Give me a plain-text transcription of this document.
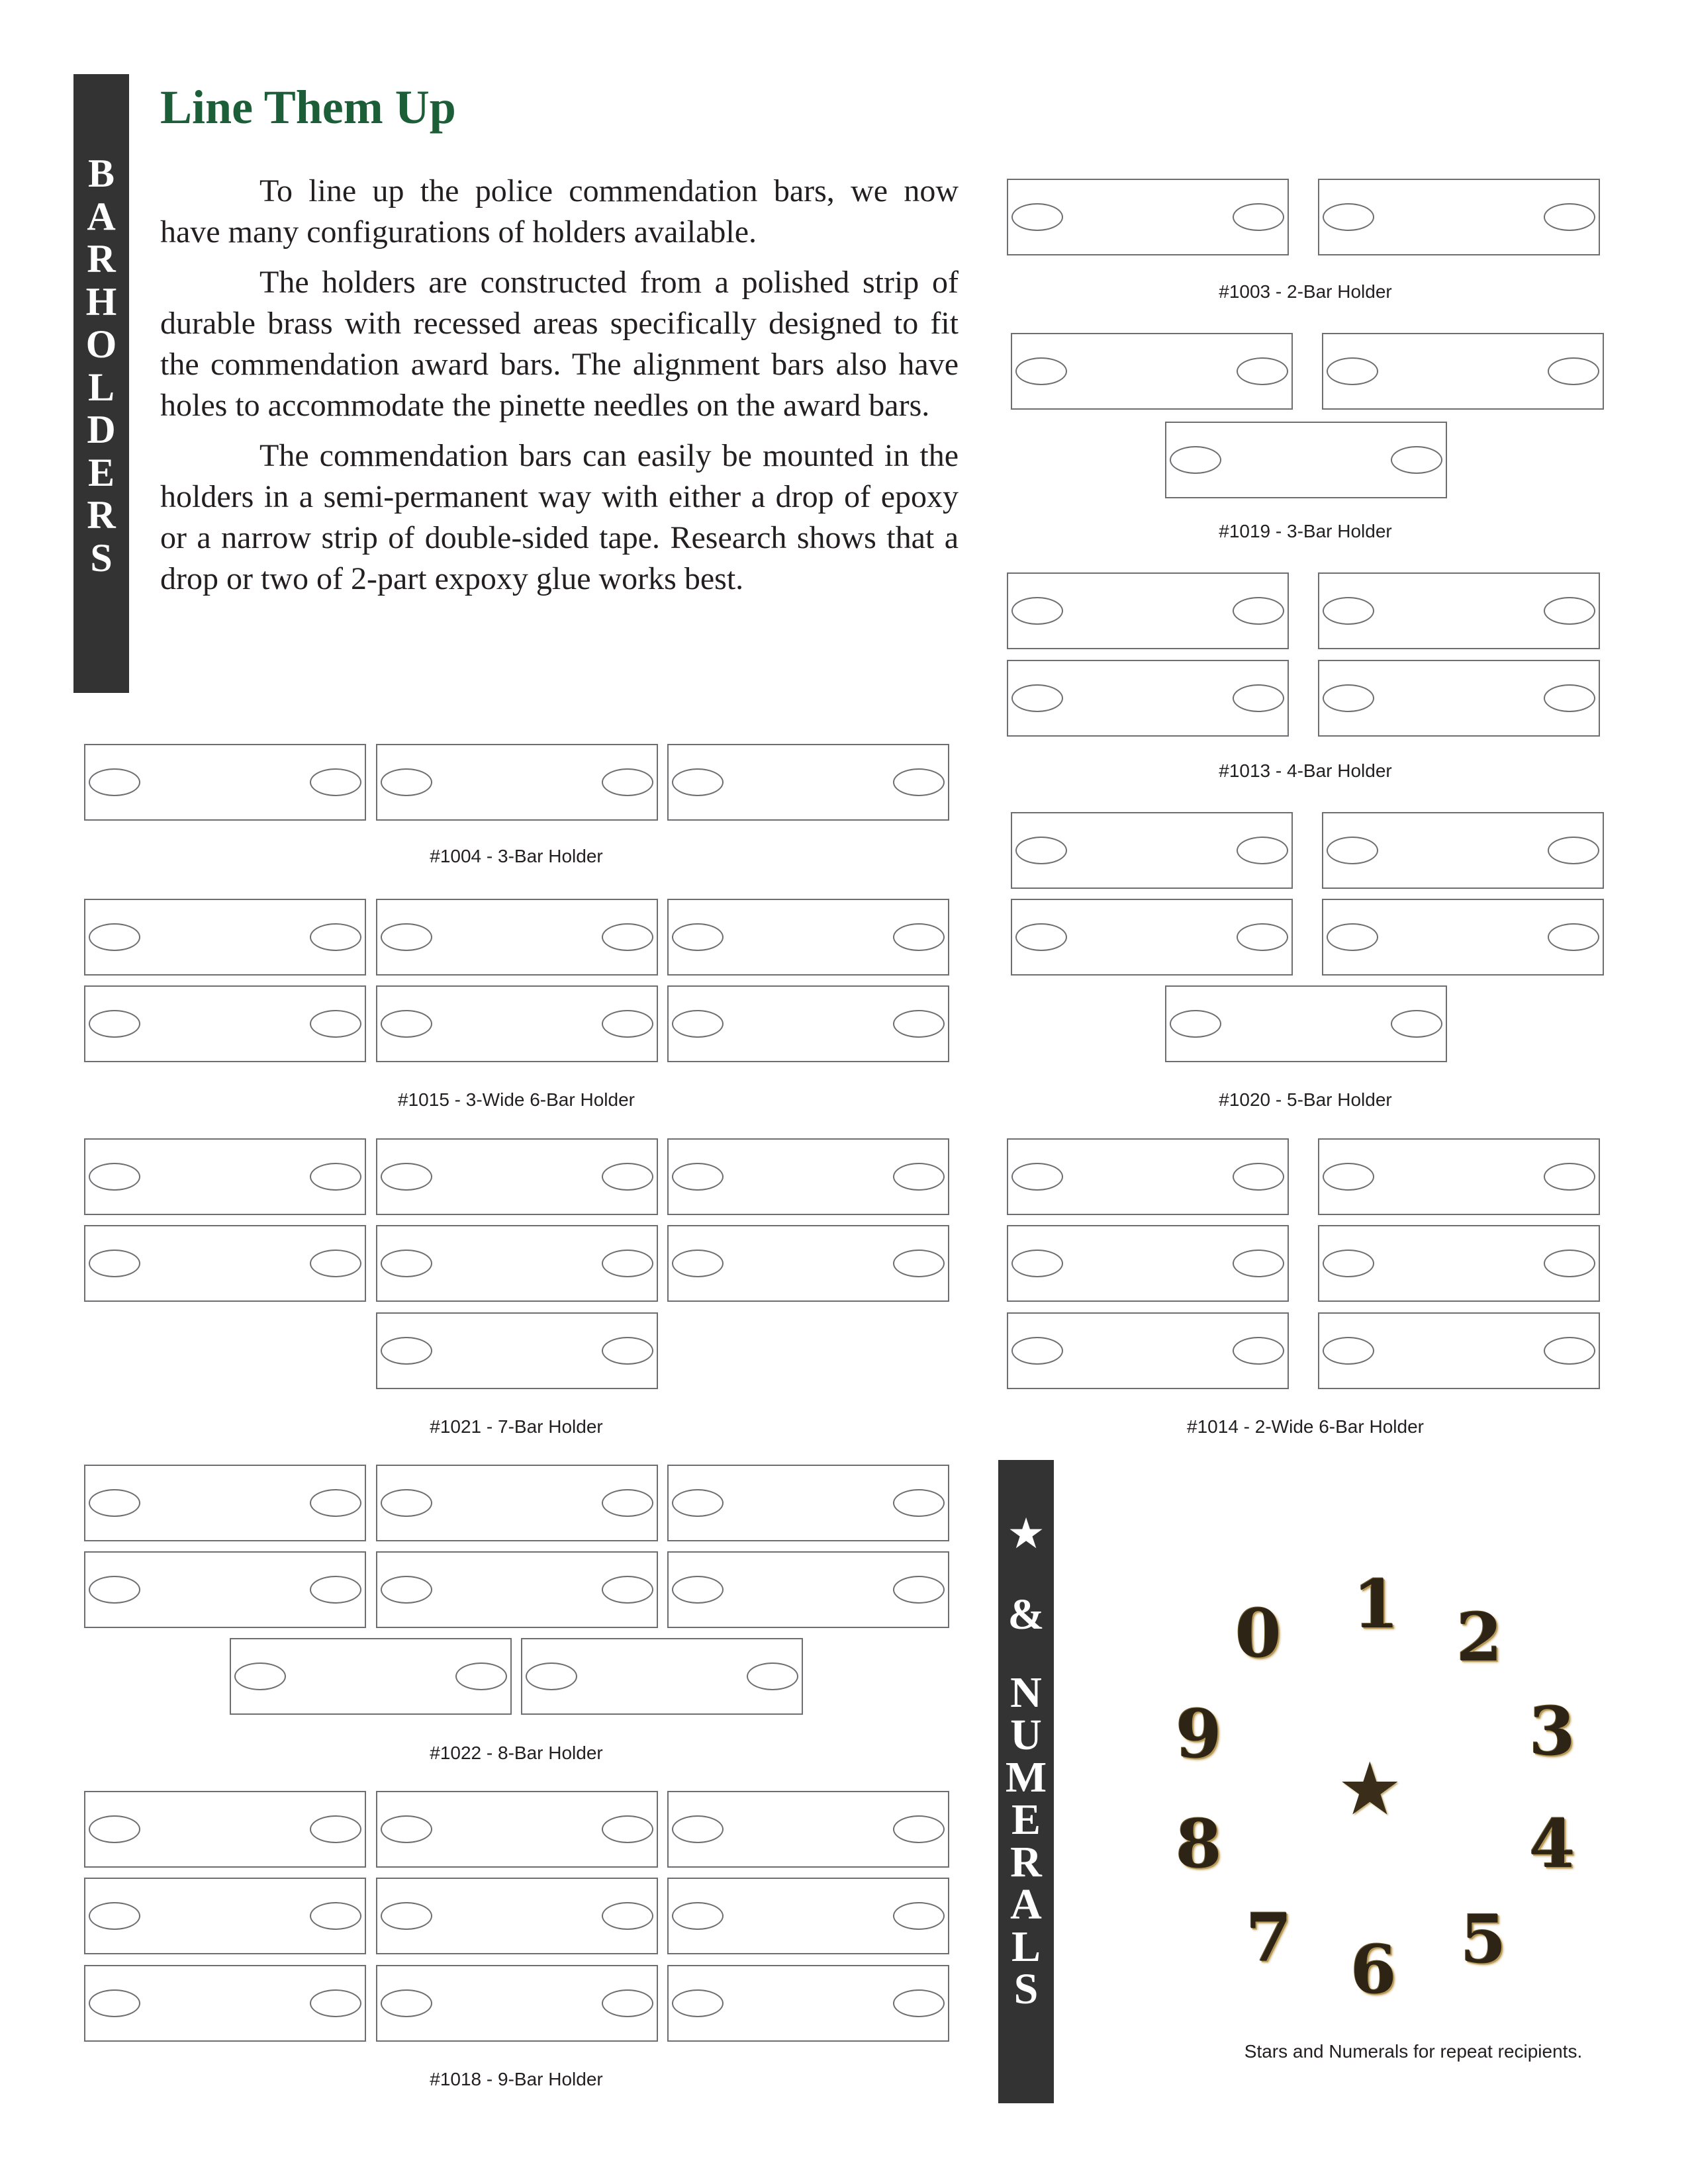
B
A
R
H
O
L
D
E
R
S
★
&
N
U
M
E
R
A
L
S
Line Them Up

To line up the police commendation bars, we now have many configurations of holders available.

The holders are constructed from a polished strip of durable brass with recessed areas specifically designed to fit the commendation award bars. The alignment bars also have holes to accommodate the pinette needles on the award bars.

The commendation bars can easily be mounted in the holders in a semi-permanent way with either a drop of epoxy or a narrow strip of double-sided tape. Research shows that a drop or two of 2-part expoxy glue works best.

#1003 - 2-Bar Holder
#1019 - 3-Bar Holder
#1013 - 4-Bar Holder
#1004 - 3-Bar Holder
#1015 - 3-Wide 6-Bar Holder	#1020 - 5-Bar Holder
#1021 - 7-Bar Holder	#1014 - 2-Wide 6-Bar Holder
#1022 - 8-Bar Holder
#1018 - 9-Bar Holder
0 1 2
3
4
5
6
7
8
9
★
Stars and Numerals for repeat recipients.
